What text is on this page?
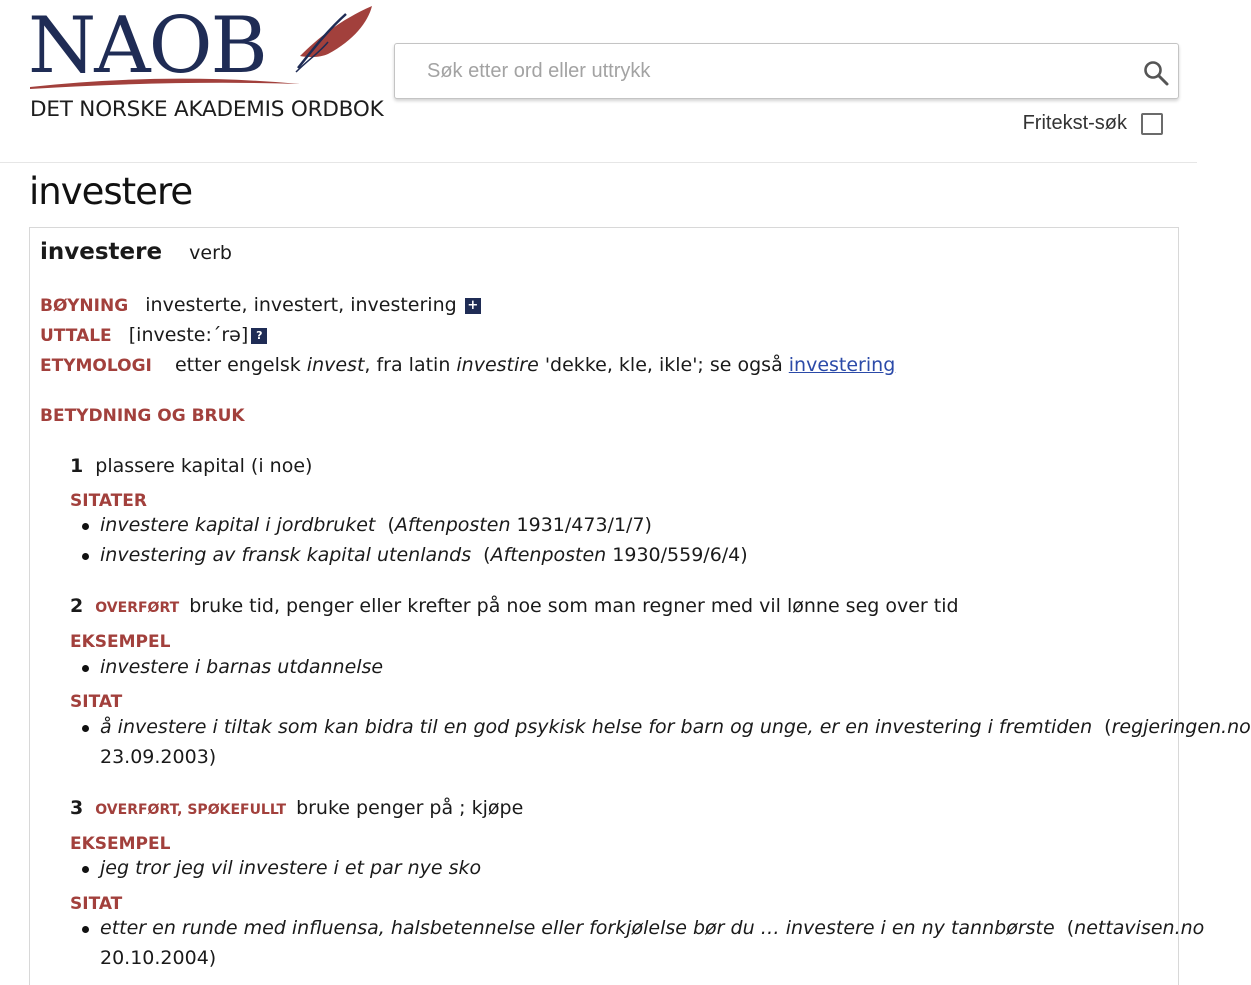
NAOB
DET NORSKE AKADEMIS ORDBOK
Søk etter ord eller uttrykk
Fritekst-søk
investere
investere verb
BØYNING investerte, investert, investering +
UTTALE [investe:´rə] ?
ETYMOLOGI etter engelsk invest, fra latin investire 'dekke, kle, ikle'; se også investering
BETYDNING OG BRUK
1 plassere kapital (i noe)
SITATER
investere kapital i jordbruket (Aftenposten 1931/473/1/7)
investering av fransk kapital utenlands (Aftenposten 1930/559/6/4)
2 OVERFØRT bruke tid, penger eller krefter på noe som man regner med vil lønne seg over tid
EKSEMPEL
investere i barnas utdannelse
SITAT
å investere i tiltak som kan bidra til en god psykisk helse for barn og unge, er en investering i fremtiden (regjeringen.no
23.09.2003)
3 OVERFØRT, SPØKEFULLT bruke penger på ; kjøpe
EKSEMPEL
jeg tror jeg vil investere i et par nye sko
SITAT
etter en runde med influensa, halsbetennelse eller forkjølelse bør du … investere i en ny tannbørste (nettavisen.no
20.10.2004)
